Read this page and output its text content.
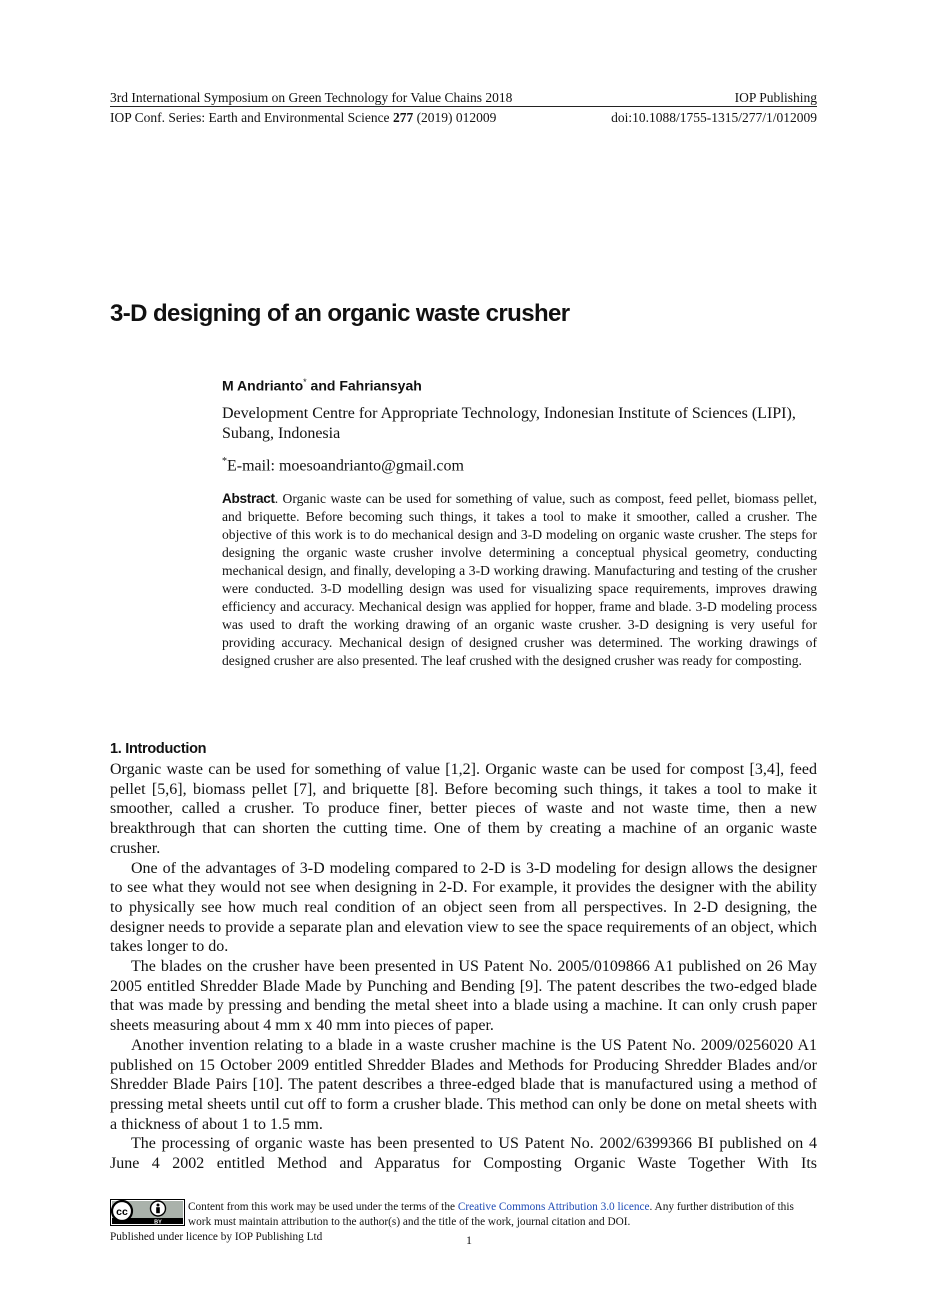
3rd International Symposium on Green Technology for Value Chains 2018	IOP Publishing
IOP Conf. Series: Earth and Environmental Science 277 (2019) 012009	doi:10.1088/1755-1315/277/1/012009
3-D designing of an organic waste crusher
M Andrianto* and Fahriansyah
Development Centre for Appropriate Technology, Indonesian Institute of Sciences (LIPI), Subang, Indonesia
*E-mail: moesoandrianto@gmail.com
Abstract. Organic waste can be used for something of value, such as compost, feed pellet, biomass pellet, and briquette. Before becoming such things, it takes a tool to make it smoother, called a crusher. The objective of this work is to do mechanical design and 3-D modeling on organic waste crusher. The steps for designing the organic waste crusher involve determining a conceptual physical geometry, conducting mechanical design, and finally, developing a 3-D working drawing. Manufacturing and testing of the crusher were conducted. 3-D modelling design was used for visualizing space requirements, improves drawing efficiency and accuracy. Mechanical design was applied for hopper, frame and blade. 3-D modeling process was used to draft the working drawing of an organic waste crusher. 3-D designing is very useful for providing accuracy. Mechanical design of designed crusher was determined. The working drawings of designed crusher are also presented. The leaf crushed with the designed crusher was ready for composting.
1. Introduction

Organic waste can be used for something of value [1,2]. Organic waste can be used for compost [3,4], feed pellet [5,6], biomass pellet [7], and briquette [8]. Before becoming such things, it takes a tool to make it smoother, called a crusher. To produce finer, better pieces of waste and not waste time, then a new breakthrough that can shorten the cutting time. One of them by creating a machine of an organic waste crusher.

One of the advantages of 3-D modeling compared to 2-D is 3-D modeling for design allows the designer to see what they would not see when designing in 2-D. For example, it provides the designer with the ability to physically see how much real condition of an object seen from all perspectives. In 2-D designing, the designer needs to provide a separate plan and elevation view to see the space requirements of an object, which takes longer to do.

The blades on the crusher have been presented in US Patent No. 2005/0109866 A1 published on 26 May 2005 entitled Shredder Blade Made by Punching and Bending [9]. The patent describes the two-edged blade that was made by pressing and bending the metal sheet into a blade using a machine. It can only crush paper sheets measuring about 4 mm x 40 mm into pieces of paper.

Another invention relating to a blade in a waste crusher machine is the US Patent No. 2009/0256020 A1 published on 15 October 2009 entitled Shredder Blades and Methods for Producing Shredder Blades and/or Shredder Blade Pairs [10]. The patent describes a three-edged blade that is manufactured using a method of pressing metal sheets until cut off to form a crusher blade. This method can only be done on metal sheets with a thickness of about 1 to 1.5 mm.

The processing of organic waste has been presented to US Patent No. 2002/6399366 BI published on 4 June 4 2002 entitled Method and Apparatus for Composting Organic Waste Together With Its

cc
BY
Content from this work may be used under the terms of the Creative Commons Attribution 3.0 licence. Any further distribution of this work must maintain attribution to the author(s) and the title of the work, journal citation and DOI.
Published under licence by IOP Publishing Ltd	1
